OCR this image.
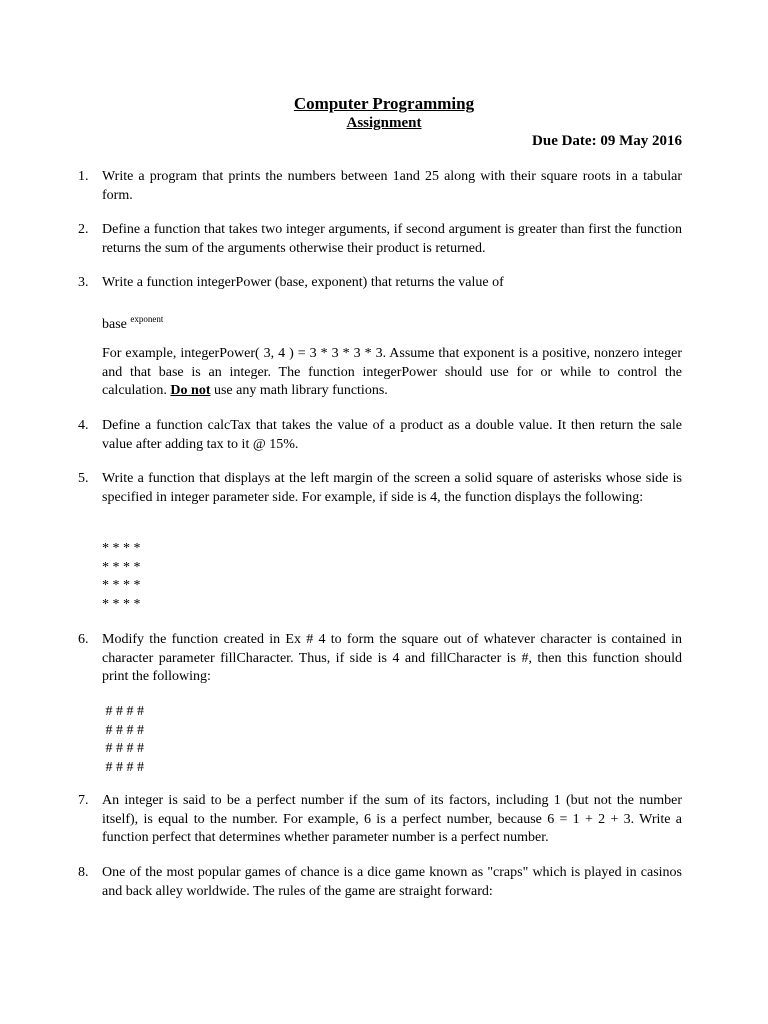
Computer Programming
Assignment
Due Date: 09 May 2016
1. Write a program that prints the numbers between 1and 25 along with their square roots in a tabular form.
2. Define a function that takes two integer arguments, if second argument is greater than first the function returns the sum of the arguments otherwise their product is returned.
3. Write a function integerPower (base, exponent) that returns the value of
base $^{exponent}$
For example, integerPower( 3, 4 ) = 3 * 3 * 3 * 3. Assume that exponent is a positive, nonzero integer and that base is an integer. The function integerPower should use for or while to control the calculation. Do not use any math library functions.
4. Define a function calcTax that takes the value of a product as a double value. It then return the sale value after adding tax to it @ 15%.
5. Write a function that displays at the left margin of the screen a solid square of asterisks whose side is specified in integer parameter side. For example, if side is 4, the function displays the following:
* * * *
* * * *
* * * *
* * * *
6. Modify the function created in Ex # 4 to form the square out of whatever character is contained in character parameter fillCharacter. Thus, if side is 4 and fillCharacter is #, then this function should print the following:
# # # #
# # # #
# # # #
# # # #
7. An integer is said to be a perfect number if the sum of its factors, including 1 (but not the number itself), is equal to the number. For example, 6 is a perfect number, because 6 = 1 + 2 + 3. Write a function perfect that determines whether parameter number is a perfect number.
8. One of the most popular games of chance is a dice game known as "craps" which is played in casinos and back alley worldwide. The rules of the game are straight forward:
